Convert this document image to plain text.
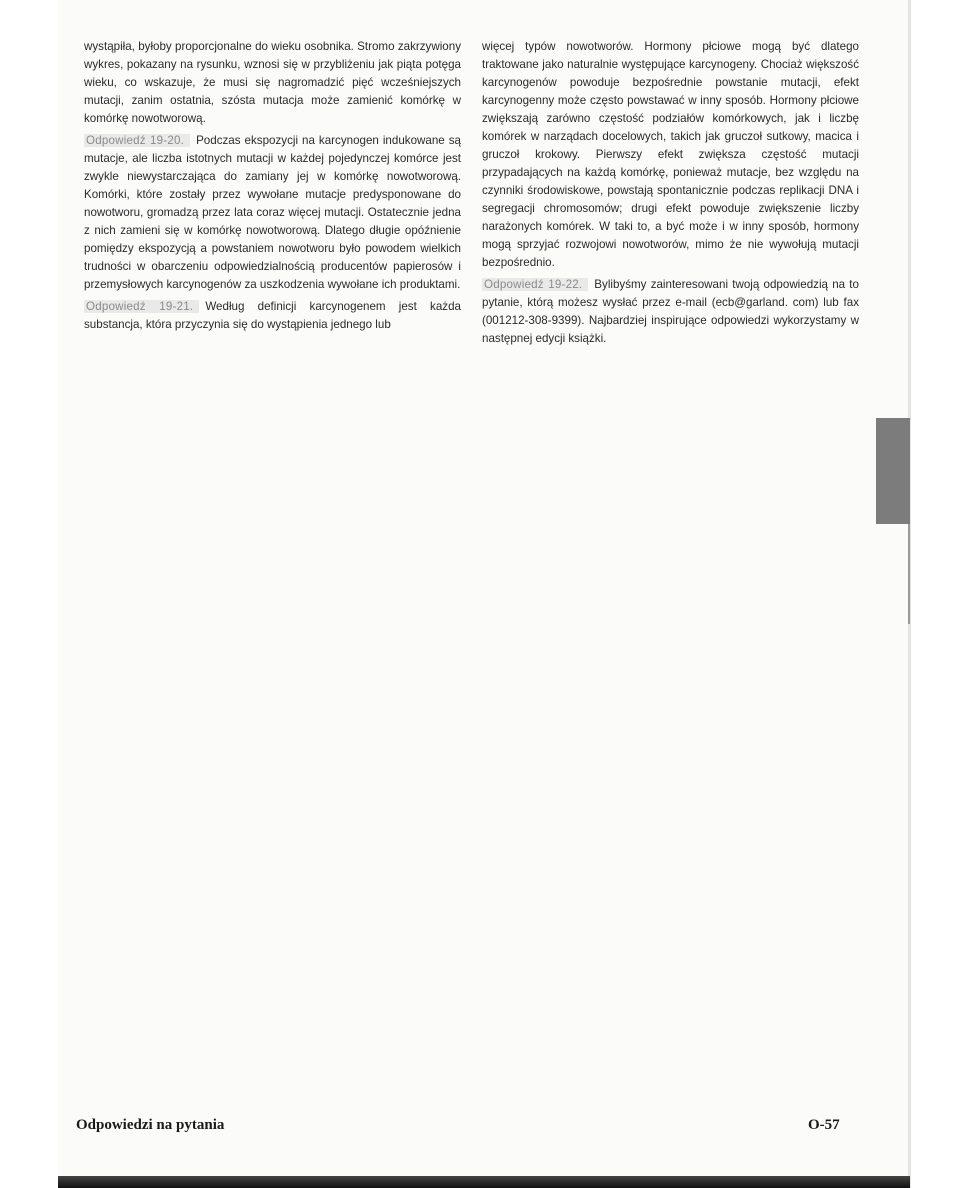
wystąpiła, byłoby proporcjonalne do wieku osobnika. Stromo zakrzywiony wykres, pokazany na rysunku, wznosi się w przybliżeniu jak piąta potęga wieku, co wskazuje, że musi się nagromadzić pięć wcześniejszych mutacji, zanim ostatnia, szósta mutacja może zamienić komórkę w komórkę nowotworową.

Odpowiedź 19-20. Podczas ekspozycji na karcynogen indukowane są mutacje, ale liczba istotnych mutacji w każdej pojedynczej komórce jest zwykle niewystarczająca do zamiany jej w komórkę nowotworową. Komórki, które zostały przez wywołane mutacje predysponowane do nowotworu, gromadzą przez lata coraz więcej mutacji. Ostatecznie jedna z nich zamieni się w komórkę nowotworową. Dlatego długie opóźnienie pomiędzy ekspozycją a powstaniem nowotworu było powodem wielkich trudności w obarczeniu odpowiedzialnością producentów papierosów i przemysłowych karcynogenów za uszkodzenia wywołane ich produktami.

Odpowiedź 19-21. Według definicji karcynogenem jest każda substancja, która przyczynia się do wystąpienia jednego lub

więcej typów nowotworów. Hormony płciowe mogą być dlatego traktowane jako naturalnie występujące karcynogeny. Chociaż większość karcynogenów powoduje bezpośrednie powstanie mutacji, efekt karcynogenny może często powstawać w inny sposób. Hormony płciowe zwiększają zarówno częstość podziałów komórkowych, jak i liczbę komórek w narządach docelowych, takich jak gruczoł sutkowy, macica i gruczoł krokowy. Pierwszy efekt zwiększa częstość mutacji przypadających na każdą komórkę, ponieważ mutacje, bez względu na czynniki środowiskowe, powstają spontanicznie podczas replikacji DNA i segregacji chromosomów; drugi efekt powoduje zwiększenie liczby narażonych komórek. W taki to, a być może i w inny sposób, hormony mogą sprzyjać rozwojowi nowotworów, mimo że nie wywołują mutacji bezpośrednio.

Odpowiedź 19-22. Bylibyśmy zainteresowani twoją odpowiedzią na to pytanie, którą możesz wysłać przez e-mail (ecb@garland. com) lub fax (001212-308-9399). Najbardziej inspirujące odpowiedzi wykorzystamy w następnej edycji książki.

Odpowiedzi na pytania	O-57
